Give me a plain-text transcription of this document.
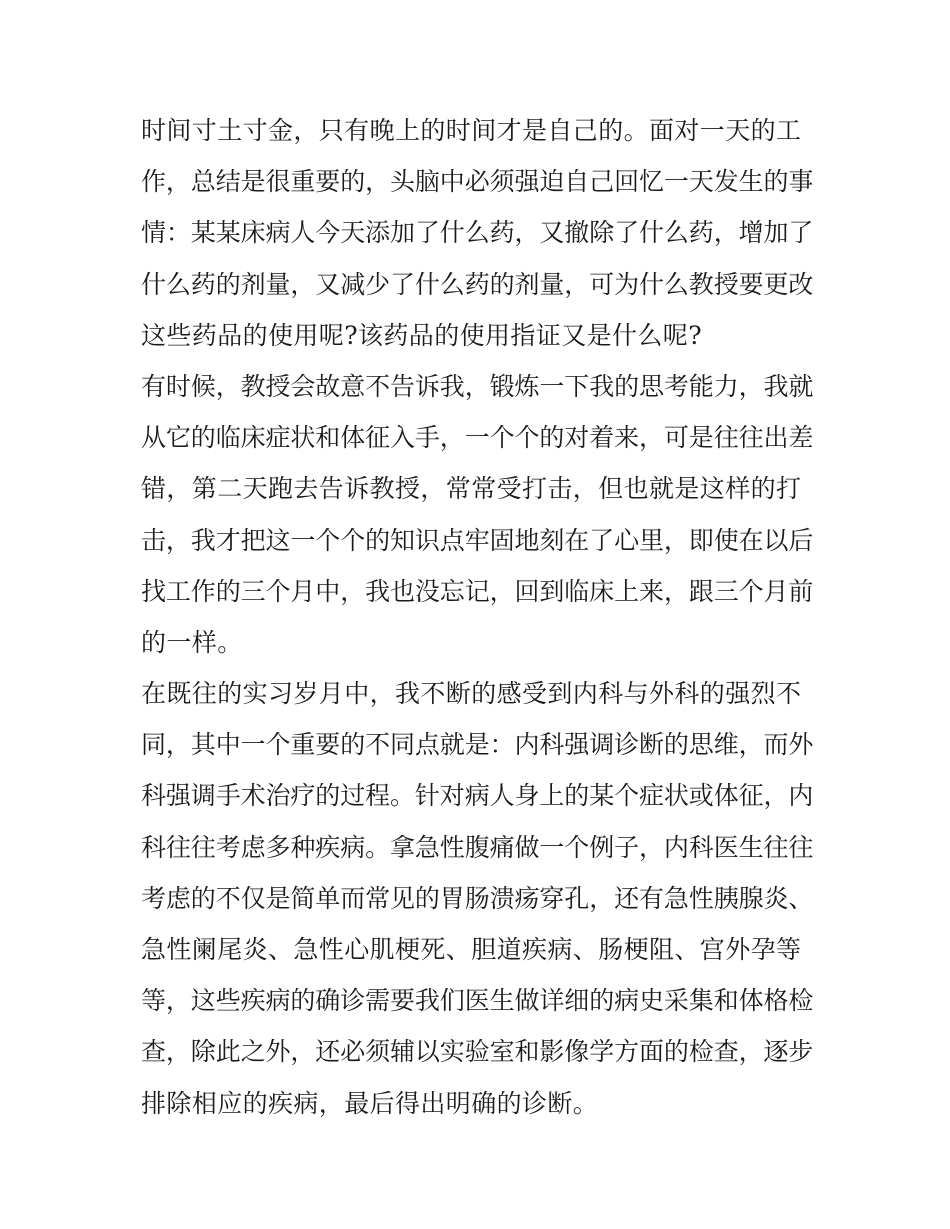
时间寸土寸金，只有晚上的时间才是自己的。面对一天的工
作，总结是很重要的，头脑中必须强迫自己回忆一天发生的事
情：某某床病人今天添加了什么药，又撤除了什么药，增加了
什么药的剂量，又减少了什么药的剂量，可为什么教授要更改
这些药品的使用呢?该药品的使用指证又是什么呢?
有时候，教授会故意不告诉我，锻炼一下我的思考能力，我就
从它的临床症状和体征入手，一个个的对着来，可是往往出差
错，第二天跑去告诉教授，常常受打击，但也就是这样的打
击，我才把这一个个的知识点牢固地刻在了心里，即使在以后
找工作的三个月中，我也没忘记，回到临床上来，跟三个月前
的一样。
在既往的实习岁月中，我不断的感受到内科与外科的强烈不
同，其中一个重要的不同点就是：内科强调诊断的思维，而外
科强调手术治疗的过程。针对病人身上的某个症状或体征，内
科往往考虑多种疾病。拿急性腹痛做一个例子，内科医生往往
考虑的不仅是简单而常见的胃肠溃疡穿孔，还有急性胰腺炎、
急性阑尾炎、急性心肌梗死、胆道疾病、肠梗阻、宫外孕等
等，这些疾病的确诊需要我们医生做详细的病史采集和体格检
查，除此之外，还必须辅以实验室和影像学方面的检查，逐步
排除相应的疾病，最后得出明确的诊断。
